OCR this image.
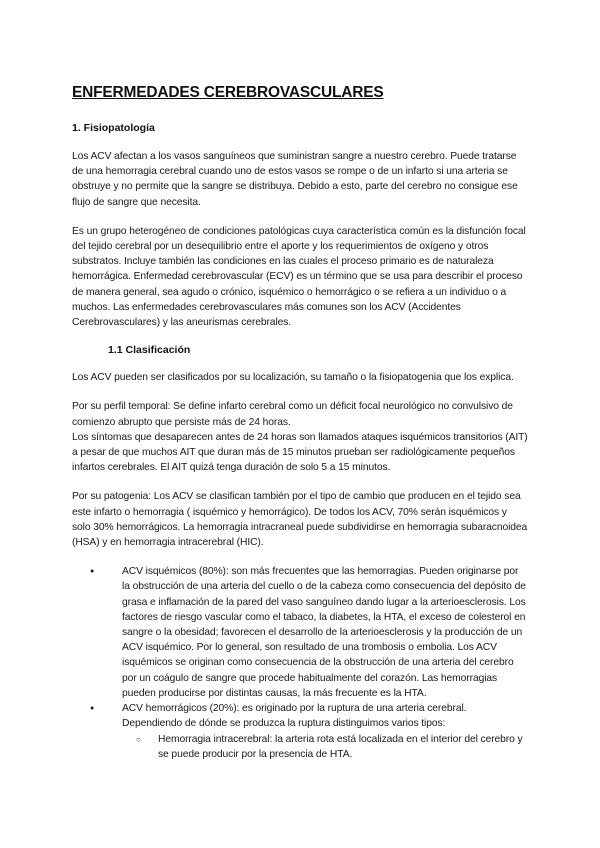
ENFERMEDADES CEREBROVASCULARES
1. Fisiopatología

Los ACV afectan a los vasos sanguíneos que suministran sangre a nuestro cerebro. Puede tratarse de una hemorragia cerebral cuando uno de estos vasos se rompe o de un infarto si una arteria se obstruye y no permite que la sangre se distribuya. Debido a esto, parte del cerebro no consigue ese flujo de sangre que necesita.

Es un grupo heterogéneo de condiciones patológicas cuya característica común es la disfunción focal del tejido cerebral por un desequilibrio entre el aporte y los requerimientos de oxígeno y otros substratos. Incluye también las condiciones en las cuales el proceso primario es de naturaleza hemorrágica. Enfermedad cerebrovascular (ECV) es un término que se usa para describir el proceso de manera general, sea agudo o crónico, isquémico o hemorrágico o se refiera a un individuo o a muchos. Las enfermedades cerebrovasculares más comunes son los ACV (Accidentes Cerebrovasculares) y las aneurismas cerebrales.

1.1 Clasificación

Los ACV pueden ser clasificados por su localización, su tamaño o la fisiopatogenia que los explica.

Por su perfil temporal: Se define infarto cerebral como un déficit focal neurológico no convulsivo de comienzo abrupto que persiste más de 24 horas.

Los síntomas que desaparecen antes de 24 horas son llamados ataques isquémicos transitorios (AIT) a pesar de que muchos AIT que duran más de 15 minutos prueban ser radiológicamente pequeños infartos cerebrales. El AIT quizá tenga duración de solo 5 a 15 minutos.

Por su patogenia: Los ACV se clasifican también por el tipo de cambio que producen en el tejido sea este infarto o hemorragia ( isquémico y hemorrágico). De todos los ACV, 70% serán isquémicos y solo 30% hemorrágicos. La hemorragia intracraneal puede subdividirse en hemorragia subaracnoidea (HSA) y en hemorragia intracerebral (HIC).

● ACV isquémicos (80%): son más frecuentes que las hemorragias. Pueden originarse por la obstrucción de una arteria del cuello o de la cabeza como consecuencia del depósito de grasa e inflamación de la pared del vaso sanguíneo dando lugar a la arterioesclerosis. Los factores de riesgo vascular como el tabaco, la diabetes, la HTA, el exceso de colesterol en sangre o la obesidad; favorecen el desarrollo de la arterioesclerosis y la producción de un ACV isquémico. Por lo general, son resultado de una trombosis o embolia. Los ACV isquémicos se originan como consecuencia de la obstrucción de una arteria del cerebro por un coágulo de sangre que procede habitualmente del corazón. Las hemorragias pueden producirse por distintas causas, la más frecuente es la HTA.
● ACV hemorrágicos (20%): es originado por la ruptura de una arteria cerebral. Dependiendo de dónde se produzca la ruptura distinguimos varios tipos:
○ Hemorragia intracerebral: la arteria rota está localizada en el interior del cerebro y se puede producir por la presencia de HTA.
